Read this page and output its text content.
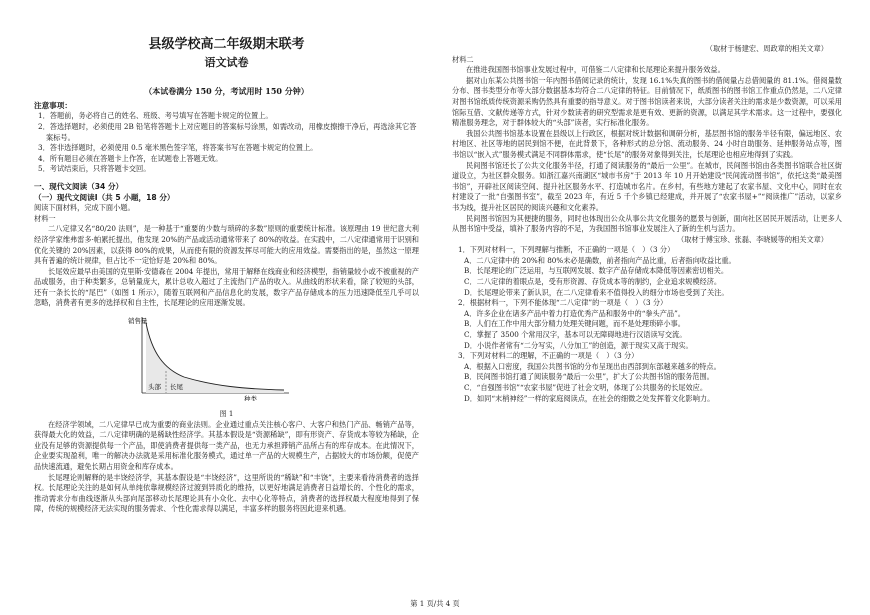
县级学校高二年级期末联考
语文试卷
（本试卷满分 150 分，考试用时 150 分钟）
注意事项：
1．答题前，务必将自己的姓名、班级、考号填写在答题卡规定的位置上。
2．答选择题时，必须使用 2B 铅笔将答题卡上对应题目的答案标号涂黑，如需改动，用橡皮擦擦干净后，再选涂其它答案标号。
3．答非选择题时，必须使用 0.5 毫米黑色签字笔，将答案书写在答题卡规定的位置上。
4．所有题目必须在答题卡上作答，在试题卷上答题无效。
5．考试结束后，只将答题卡交回。
一、现代文阅读（34 分）
（一）现代文阅读Ⅰ（共 5 小题，18 分）

阅读下面材料，完成下面小题。

材料一

二八定律又名“80/20 法则”，是一种基于“重要的少数与琐碎的多数”原则的重要统计标准。该原理由 19 世纪意大利经济学家维弗雷多·帕累托提出，他发现 20%的产品或活动通常带来了 80%的收益。在实践中，二八定律通常用于识别和优化关键的 20%因素，以获得 80%的成果，从而使有限的资源发挥尽可能大的应用效益。需要指出的是，虽然这一原理具有普遍的统计规律，但占比不一定恰好是 20%和 80%。

长尾效应最早由美国的克里斯·安德森在 2004 年提出，常用于解释在线商业和经济模型，指销量较小或不被重视的产品或服务，由于种类繁多，总销量庞大，累计总收入超过了主流热门产品的收入。从曲线的形状来看，除了较短的头部，还有一条长长的“尾巴”（如图 1 所示），随着互联网和产品信息化的发展，数字产品存储成本的压力迅速降低至几乎可以忽略，消费者有更多的选择权和自主性，长尾理论的应用逐渐发展。

销售量
头部 长尾
种类
图 1

在经济学领域，二八定律早已成为重要的商业法则。企业通过重点关注核心客户、大客户和热门产品、畅销产品等，获得最大化的效益，二八定律明确的是稀缺性经济学。其基本假设是“资源稀缺”，即有形资产、存货成本等较为稀缺，企业没有足够的资源提供每一个产品，即使消费者提供每一类产品，也无力承担滞销产品所占有的库存成本。在此情况下，企业要实现盈利，唯一的解决办法就是采用标准化服务模式，通过单一产品的大规模生产，占据较大的市场份额，促使产品快速流通，避免长期占用资金和库存成本。

长尾理论则解释的是丰饶经济学，其基本假设是“丰饶经济”，这里所说的“稀缺”和“丰饶”，主要来看待消费者的选择权。长尾理论关注的是如何从单纯依靠规模经济过渡到异质化的维持，以更好地满足消费者日益增长的、个性化的需求，推动需求分布曲线逐渐从头部向尾部移动长尾理论具有小众化、去中心化等特点，消费者的选择权最大程度地得到了保障，传统的规模经济无法实现的服务需求、个性化需求得以满足，丰富多样的服务将因此迎来机遇。

（取材于杨建宏、周政章的相关文章）

材料二

在推进我国图书馆事业发展过程中，可借鉴二八定律和长尾理论来提升服务效益。

据对山东某公共图书馆一年内图书借阅记录的统计，发现 16.1%失真的图书的借阅量占总借阅量的 81.1%。借阅量数分布、图书类型分布等大部分数据基本均符合二八定律的特征。目前情况下，纸质图书的图书馆工作重点仍然是，二八定律对图书馆纸质传统资源采购仍然具有重要的指导意义。对于图书馆读者来说，大部分读者关注的需求是少数资源，可以采用馆际互借、文献传递等方式，针对少数读者的研究型需求是更有效、更新的资源，以满足其学术需求。这一过程中，要强化精准服务理念，对于群体较大的“头部”读者，实行标准化服务。

我国公共图书馆基本设置在县级以上行政区，根据对统计数据和调研分析，基层图书馆的服务半径有限，偏远地区、农村地区、社区等地的居民到馆不便，在此背景下，各种形式的总分馆、流动服务、24 小时自助服务、延伸服务站点等，图书馆以“嵌入式”服务模式满足不同群体需求，使“长尾”的服务对象得到关注，长尾理论也相应地得到了实践。

民间图书馆还长了公共文化服务半径，打通了阅读服务的“最后一公里”。在城市，民间图书馆由各类图书馆联合社区街道设立，为社区群众服务。如浙江嘉兴南湖区“城市书房”于 2013 年 10 月开始建设“民间流动图书馆”，依托这类“最美图书馆”，开辟社区阅读空间、提升社区服务水平、打造城市名片。在乡村，有些地方建起了农家书屋、文化中心，同时在农村建设了一批“自强图书室”，截至 2023 年，有近 5 千个乡镇已经建成，并开展了“农家书屋+”“阅读推广”活动，以家乡书为线，提升社区居民的阅读兴趣和文化素养。

民间图书馆因为其便捷的服务，同时也体现出公众从事公共文化服务的愿景与创新，面向社区居民开展活动，让更多人从图书馆中受益，填补了服务内容的不足，为我国图书馆事业发展注入了新的生机与活力。

（取材于傅宝珍、张磊、李晓媛等的相关文章）

1．下列对材料一，下列理解与推断，不正确的一项是（　）（3 分）

A．二八定律中的 20%和 80%未必是确数，前者指向产品比重，后者指向收益比重。

B．长尾理论的广泛运用，与互联网发展、数字产品存储成本降低等因素密切相关。

C．二八定律的着眼点是，受有形资源、存货成本等的制约，企业追求规模经济。

D．长尾理论带来了新认识，在二八定律看来不值得投入的细分市场也受到了关注。

2．根据材料一，下列不能体现“二八定律”的一项是（　）（3 分）

A．许多企业在诸多产品中着力打造优秀产品和服务中的“拳头产品”。

B．人们在工作中用大部分精力处理关键问题，而不是处理琐碎小事。

C．掌握了 3500 个常用汉字，基本可以无障碍地进行汉语读写交流。

D．小说作者常有“二分写实，八分加工”的创造，源于现实又高于现实。

3．下列对材料二的理解，不正确的一项是（　）（3 分）

A．根据入口密度，我国公共图书馆的分布呈现出由西部到东部越来越多的特点。

B．民间图书馆打通了阅读服务“最后一公里”，扩大了公共图书馆的服务范围。

C．“自强图书馆”“农家书屋”促进了社会文明，体现了公共服务的长尾效应。

D．如同“末梢神经”一样的家庭阅读点，在社会的细微之处发挥着文化影响力。

第 1 页/共 4 页
